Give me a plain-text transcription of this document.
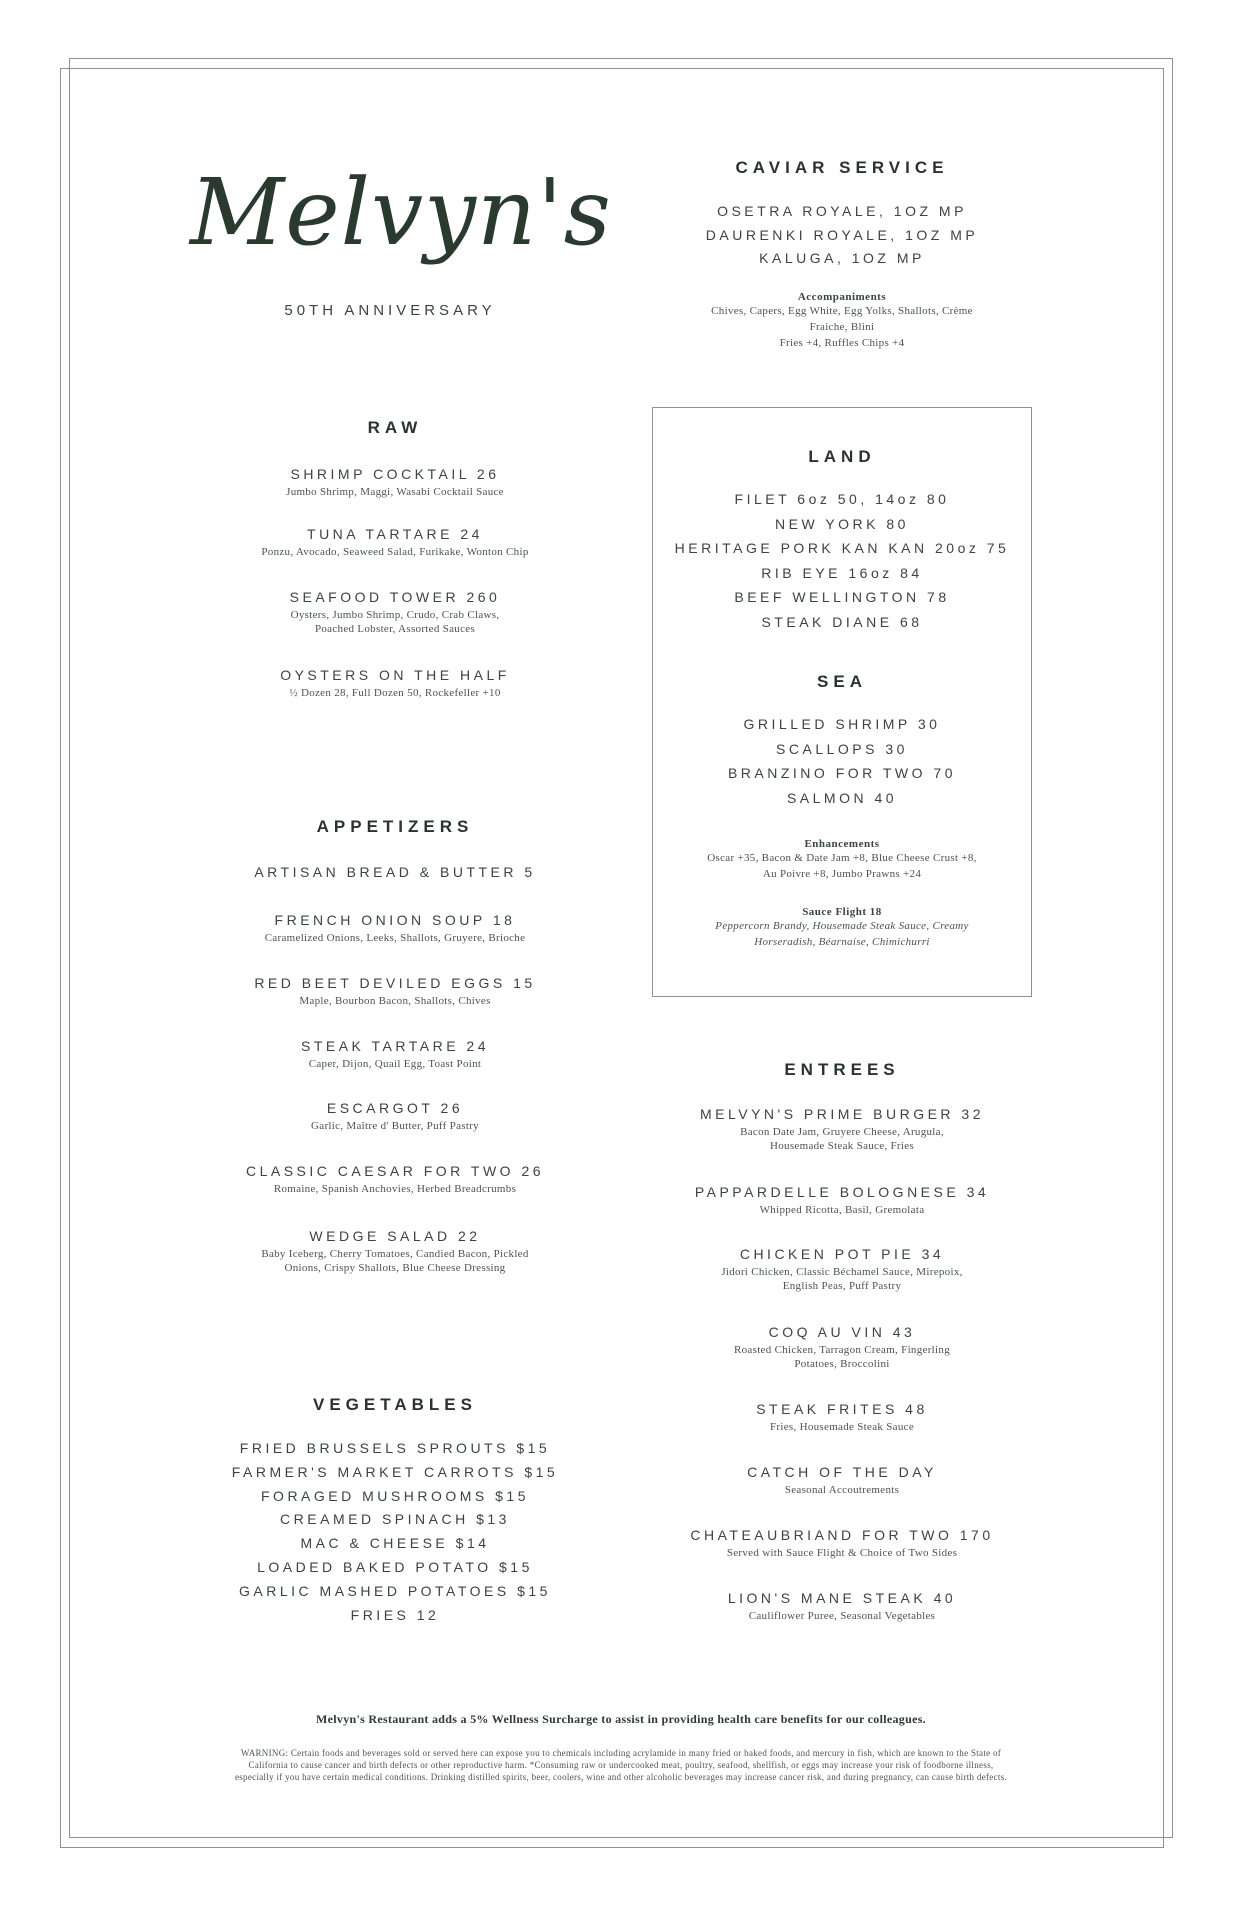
Melvyn's
50TH ANNIVERSARY

CAVIAR SERVICE

OSETRA ROYALE, 1OZ MP

DAURENKI ROYALE, 1OZ MP

KALUGA, 1OZ MP

Accompaniments

Chives, Capers, Egg White, Egg Yolks, Shallots, Crème

Fraiche, Blini

Fries +4, Ruffles Chips +4

RAW

SHRIMP COCKTAIL 26

Jumbo Shrimp, Maggi, Wasabi Cocktail Sauce

TUNA TARTARE 24

Ponzu, Avocado, Seaweed Salad, Furikake, Wonton Chip

SEAFOOD TOWER 260

Oysters, Jumbo Shrimp, Crudo, Crab Claws,

Poached Lobster, Assorted Sauces

OYSTERS ON THE HALF

½ Dozen 28, Full Dozen 50, Rockefeller +10

APPETIZERS

ARTISAN BREAD & BUTTER 5

FRENCH ONION SOUP 18

Caramelized Onions, Leeks, Shallots, Gruyere, Brioche

RED BEET DEVILED EGGS 15

Maple, Bourbon Bacon, Shallots, Chives

STEAK TARTARE 24

Caper, Dijon, Quail Egg, Toast Point

ESCARGOT 26

Garlic, Maître d' Butter, Puff Pastry

CLASSIC CAESAR FOR TWO 26

Romaine, Spanish Anchovies, Herbed Breadcrumbs

WEDGE SALAD 22

Baby Iceberg, Cherry Tomatoes, Candied Bacon, Pickled

Onions, Crispy Shallots, Blue Cheese Dressing

VEGETABLES

FRIED BRUSSELS SPROUTS $15

FARMER'S MARKET CARROTS $15

FORAGED MUSHROOMS $15

CREAMED SPINACH $13

MAC & CHEESE $14

LOADED BAKED POTATO $15

GARLIC MASHED POTATOES $15

FRIES 12

LAND

FILET 6oz 50, 14oz 80

NEW YORK 80

HERITAGE PORK KAN KAN 20oz 75

RIB EYE 16oz 84

BEEF WELLINGTON 78

STEAK DIANE 68

SEA

GRILLED SHRIMP 30

SCALLOPS 30

BRANZINO FOR TWO 70

SALMON 40

Enhancements

Oscar +35, Bacon & Date Jam +8, Blue Cheese Crust +8,

Au Poivre +8, Jumbo Prawns +24

Sauce Flight 18

Peppercorn Brandy, Housemade Steak Sauce, Creamy

Horseradish, Béarnaise, Chimichurri

ENTREES

MELVYN'S PRIME BURGER 32

Bacon Date Jam, Gruyere Cheese, Arugula,

Housemade Steak Sauce, Fries

PAPPARDELLE BOLOGNESE 34

Whipped Ricotta, Basil, Gremolata

CHICKEN POT PIE 34

Jidori Chicken, Classic Béchamel Sauce, Mirepoix,

English Peas, Puff Pastry

COQ AU VIN 43

Roasted Chicken, Tarragon Cream, Fingerling

Potatoes, Broccolini

STEAK FRITES 48

Fries, Housemade Steak Sauce

CATCH OF THE DAY

Seasonal Accoutrements

CHATEAUBRIAND FOR TWO 170

Served with Sauce Flight & Choice of Two Sides

LION'S MANE STEAK 40

Cauliflower Puree, Seasonal Vegetables

Melvyn's Restaurant adds a 5% Wellness Surcharge to assist in providing health care benefits for our colleagues.
WARNING: Certain foods and beverages sold or served here can expose you to chemicals including acrylamide in many fried or baked foods, and mercury in fish, which are known to the State of
California to cause cancer and birth defects or other reproductive harm. *Consuming raw or undercooked meat, poultry, seafood, shellfish, or eggs may increase your risk of foodborne illness,
especially if you have certain medical conditions. Drinking distilled spirits, beer, coolers, wine and other alcoholic beverages may increase cancer risk, and during pregnancy, can cause birth defects.
